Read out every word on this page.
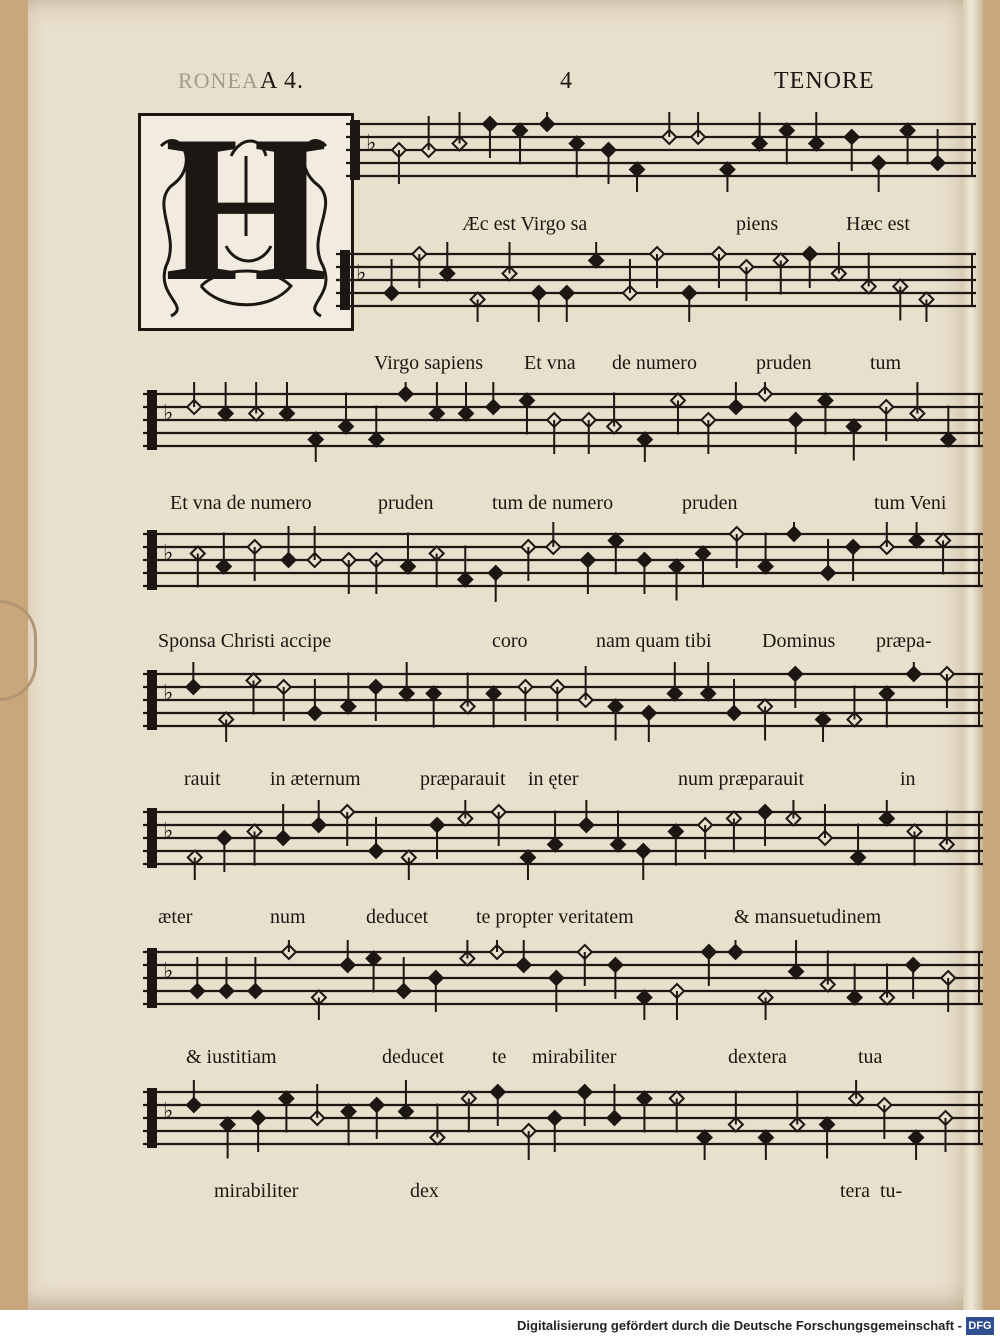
RONEA A 4.	4	TENORE
H	♭
♭
♭
♭
♭
♭
♭
♭
Æc est Virgo sa	piens	Hæc est
Virgo sapiens Et vna de numero	pruden	tum
Et vna de numero	pruden	tum de numero	pruden	tum Veni
Sponsa Christi accipe	coro	nam quam tibi	Dominus præpa-
rauit in æternum	præparauit in ęter	num præparauit	in
æter	num	deducet te propter veritatem	& mansuetudinem
& iustitiam	deducet te mirabiliter	dextera	tua
mirabiliter	dex	tera tu-
Digitalisierung gefördert durch die Deutsche Forschungsgemeinschaft - DFG
